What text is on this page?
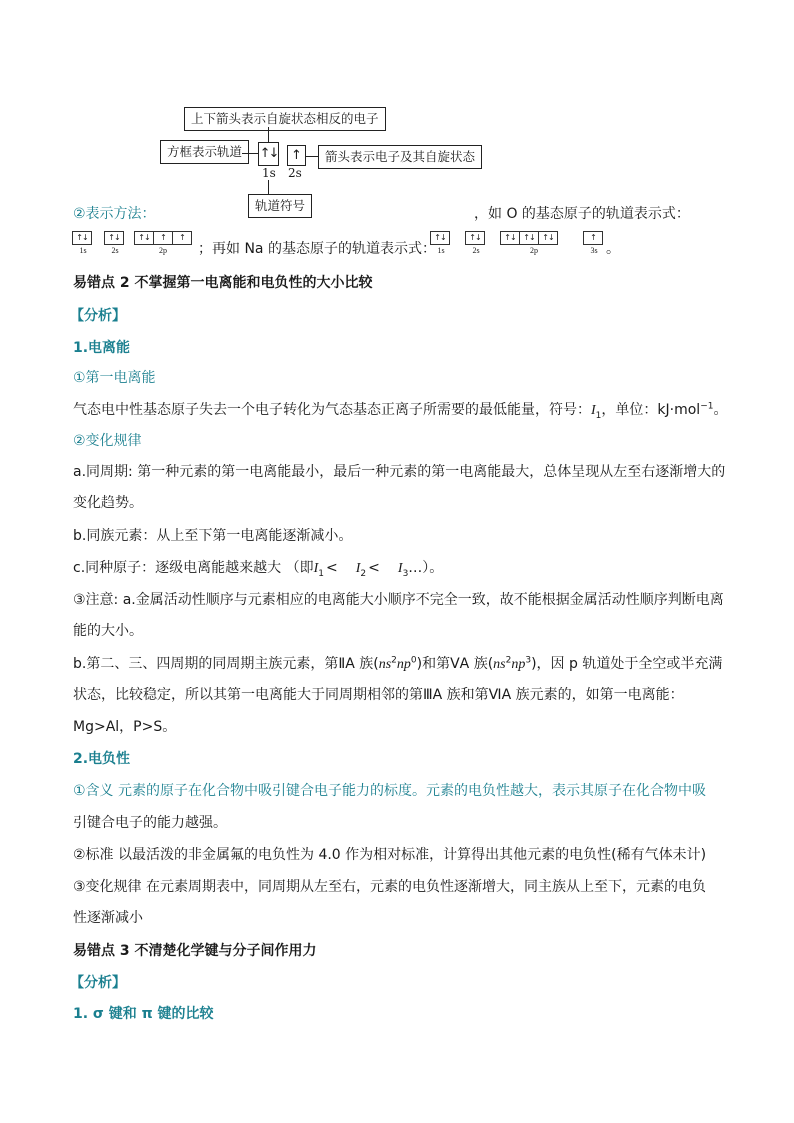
上下箭头表示自旋状态相反的电子
方框表示轨道	箭头表示电子及其自旋状态
轨道符号
↑↓	↑
1s 2s
②表示方法：	，如 O 的基态原子的轨道表示式：
↑↓	↑↓	↑↓	↑	↑
1s	2s	2p	；再如 Na 的基态原子的轨道表示式：
↑↓	↑↓	↑↓ ↑↓ ↑↓	↑
1s	2s	2p	3s 。
易错点 2 不掌握第一电离能和电负性的大小比较
【分析】
1.电离能
①第一电离能
气态电中性基态原子失去一个电子转化为气态基态正离子所需要的最低能量，符号：$I_1$，单位：kJ·mol$^{-1}$。
②变化规律
a.同周期: 第一种元素的第一电离能最小，最后一种元素的第一电离能最大，总体呈现从左至右逐渐增大的
变化趋势。
b.同族元素：从上至下第一电离能逐渐减小。
c.同种原子：逐级电离能越来越大 （即$I_1 < I_2$ < $I_3\dots$）。
③注意: a.金属活动性顺序与元素相应的电离能大小顺序不完全一致，故不能根据金属活动性顺序判断电离
能的大小。
b.第二、三、四周期的同周期主族元素，第ⅡA 族$(ns^2np^0)$和第ⅤA 族$(ns^2np^3)$，因 p 轨道处于全空或半充满
状态，比较稳定，所以其第一电离能大于同周期相邻的第ⅢA 族和第ⅥA 族元素的，如第一电离能：
Mg>Al，P>S。
2.电负性
①含义 元素的原子在化合物中吸引键合电子能力的标度。元素的电负性越大，表示其原子在化合物中吸
引键合电子的能力越强。
②标准 以最活泼的非金属氟的电负性为 4.0 作为相对标准，计算得出其他元素的电负性(稀有气体未计)
③变化规律 在元素周期表中，同周期从左至右，元素的电负性逐渐增大，同主族从上至下，元素的电负
性逐渐减小
易错点 3 不清楚化学键与分子间作用力
【分析】
1. σ 键和 π 键的比较
